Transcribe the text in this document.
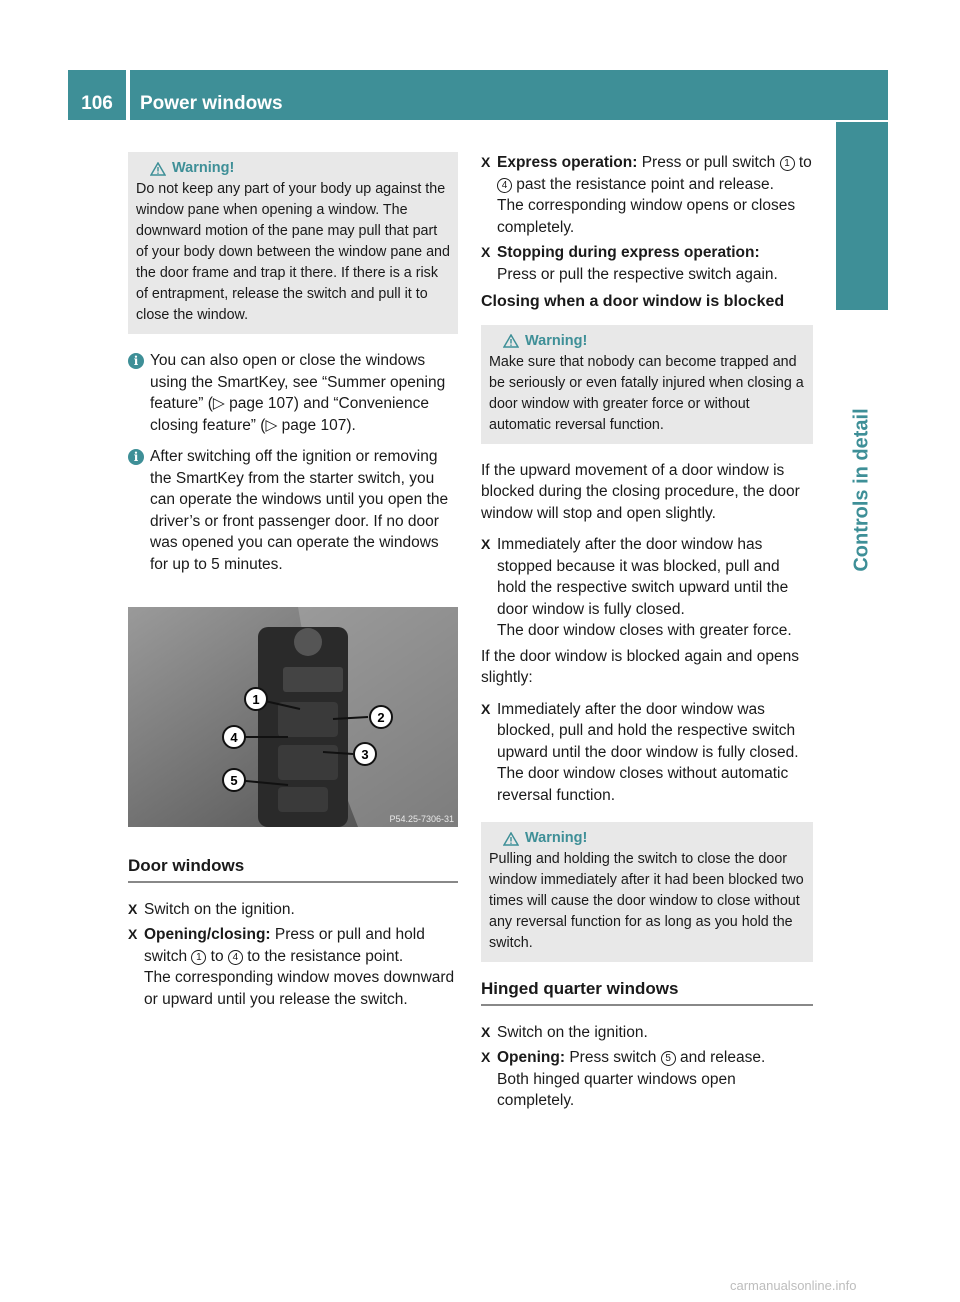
106	Power windows
Controls in detail
Warning!

Do not keep any part of your body up against the window pane when opening a window. The downward motion of the pane may pull that part of your body down between the window pane and the door frame and trap it there. If there is a risk of entrapment, release the switch and pull it to close the window.

i You can also open or close the windows using the SmartKey, see “Summer opening feature” (▷ page 107) and “Convenience closing feature” (▷ page 107).
i After switching off the ignition or removing the SmartKey from the starter switch, you can operate the windows until you open the driver’s or front passenger door. If no door was opened you can operate the windows for up to 5 minutes.
1
2
3
4
5
P54.25-7306-31
Door windows
X Switch on the ignition.
X Opening/closing: Press or pull and hold switch 1 to 4 to the resistance point.
The corresponding window moves downward or upward until you release the switch.
X Express operation: Press or pull switch 1 to 4 past the resistance point and release.
The corresponding window opens or closes completely.
X Stopping during express operation:
Press or pull the respective switch again.
Closing when a door window is blocked
Warning!

Make sure that nobody can become trapped and be seriously or even fatally injured when closing a door window with greater force or without automatic reversal function.

If the upward movement of a door window is blocked during the closing procedure, the door window will stop and open slightly.
X Immediately after the door window has stopped because it was blocked, pull and hold the respective switch upward until the door window is fully closed.
The door window closes with greater force.
If the door window is blocked again and opens slightly:
X Immediately after the door window was blocked, pull and hold the respective switch upward until the door window is fully closed.
The door window closes without automatic reversal function.
Warning!

Pulling and holding the switch to close the door window immediately after it had been blocked two times will cause the door window to close without any reversal function for as long as you hold the switch.

Hinged quarter windows
X Switch on the ignition.
X Opening: Press switch 5 and release.
Both hinged quarter windows open completely.
carmanualsonline.info
